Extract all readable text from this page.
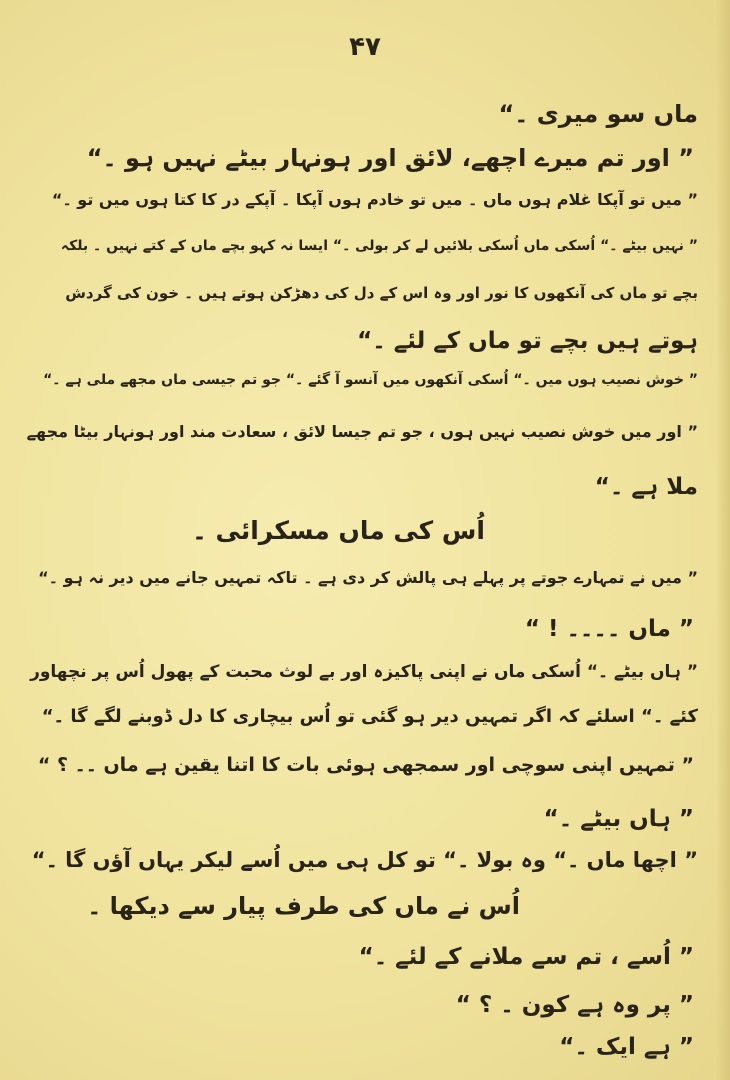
۴۷
ماں سو میری ۔“
” اور تم میرے اچھے، لائق اور ہونہار بیٹے نہیں ہو ۔“
” میں تو آپکا غلام ہوں ماں ۔ میں تو خادم ہوں آپکا ۔ آپکے در کا کتا ہوں میں تو ۔“
” نہیں بیٹے ۔“ اُسکی ماں اُسکی بلائیں لے کر بولی ۔“ ایسا نہ کہو بچے ماں کے کتے نہیں ۔ بلکہ
بچے تو ماں کی آنکھوں کا نور اور وہ اس کے دل کی دھڑکن ہوتے ہیں ۔ خون کی گردش
ہوتے ہیں بچے تو ماں کے لئے ۔“
” خوش نصیب ہوں میں ۔“ اُسکی آنکھوں میں آنسو آ گئے ۔“ جو تم جیسی ماں مجھے ملی ہے ۔“
” اور میں خوش نصیب نہیں ہوں ، جو تم جیسا لائق ، سعادت مند اور ہونہار بیٹا مجھے
ملا ہے ۔“
اُس کی ماں مسکرائی ۔
” میں نے تمہارے جوتے پر پہلے ہی پالش کر دی ہے ۔ تاکہ تمہیں جانے میں دیر نہ ہو ۔“
” ماں ۔۔۔۔ ! “
” ہاں بیٹے ۔“ اُسکی ماں نے اپنی پاکیزہ اور بے لوث محبت کے پھول اُس پر نچھاور
کئے ۔“ اسلئے کہ اگر تمہیں دیر ہو گئی تو اُس بیچاری کا دل ڈوبنے لگے گا ۔“
” تمہیں اپنی سوچی اور سمجھی ہوئی بات کا اتنا یقین ہے ماں ۔۔ ؟ “
” ہاں بیٹے ۔“
” اچھا ماں ۔“ وہ بولا ۔“ تو کل ہی میں اُسے لیکر یہاں آؤں گا ۔“
اُس نے ماں کی طرف پیار سے دیکھا ۔
” اُسے ، تم سے ملانے کے لئے ۔“
” پر وہ ہے کون ۔ ؟ “
” ہے ایک ۔“
